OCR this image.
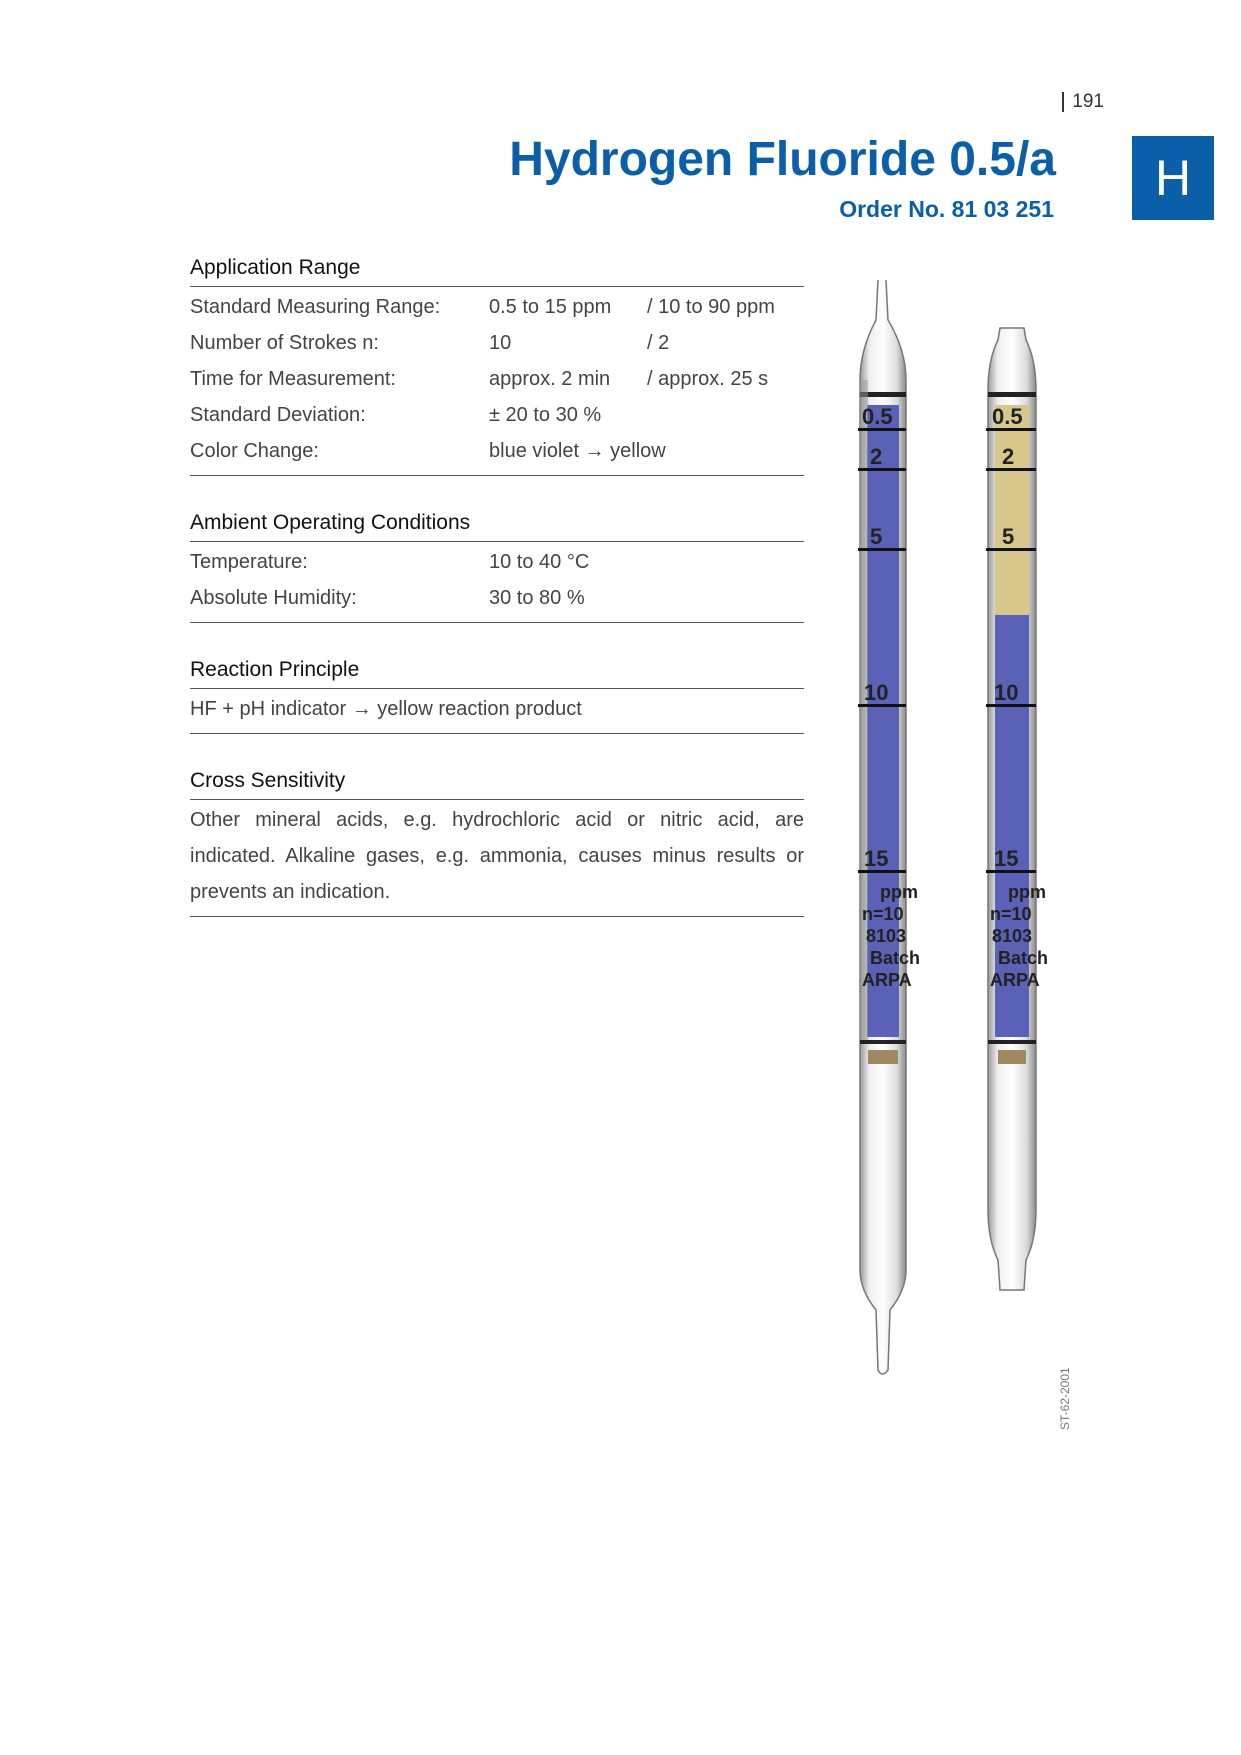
191
Hydrogen Fluoride 0.5/a
Order No. 81 03 251
H
Application Range
Standard Measuring Range:	0.5 to 15 ppm	/ 10 to 90 ppm
Number of Strokes n:	10	/ 2
Time for Measurement:	approx. 2 min	/ approx. 25 s
Standard Deviation:	± 20 to 30 %
Color Change:	blue violet → yellow
Ambient Operating Conditions
Temperature:	10 to 40 °C
Absolute Humidity:	30 to 80 %
Reaction Principle
HF + pH indicator → yellow reaction product
Cross Sensitivity
Other mineral acids, e.g. hydrochloric acid or nitric acid, are indicated. Alkaline gases, e.g. ammonia, causes minus results or prevents an indication.
0.5
2
5
10
15
ppm
n=10
8103
Batch
ARPA
0.5
2
5
10
15
ppm
n=10
8103
Batch
ARPA
ST-62-2001
